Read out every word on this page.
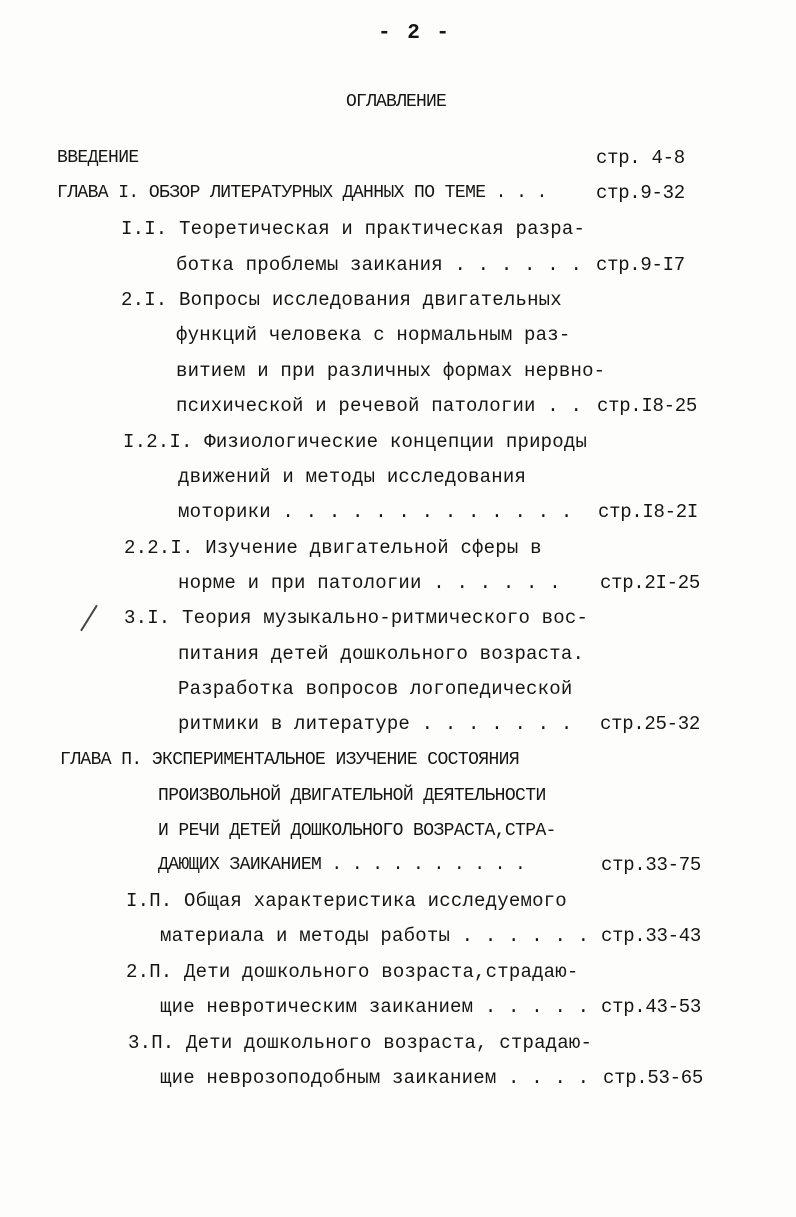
- 2 -
ОГЛАВЛЕНИЕ
ВВЕДЕНИЕ	стр. 4-8
ГЛАВА I. ОБЗОР ЛИТЕРАТУРНЫХ ДАННЫХ ПО ТЕМЕ . . .	стр.9-32
I.I. Теоретическая и практическая разра-
ботка проблемы заикания . . . . . . стр.9-I7
2.I. Вопросы исследования двигательных
функций человека с нормальным раз-
витием и при различных формах нервно-
психической и речевой патологии . . стр.I8-25
I.2.I. Физиологические концепции природы
движений и методы исследования
моторики . . . . . . . . . . . . . стр.I8-2I
2.2.I. Изучение двигательной сферы в
норме и при патологии . . . . . . стр.2I-25
3.I. Теория музыкально-ритмического вос-
питания детей дошкольного возраста.
Разработка вопросов логопедической
ритмики в литературе . . . . . . . стр.25-32
ГЛАВА П. ЭКСПЕРИМЕНТАЛЬНОЕ ИЗУЧЕНИЕ СОСТОЯНИЯ
ПРОИЗВОЛЬНОЙ ДВИГАТЕЛЬНОЙ ДЕЯТЕЛЬНОСТИ
И РЕЧИ ДЕТЕЙ ДОШКОЛЬНОГО ВОЗРАСТА,СТРА-
ДАЮЩИХ ЗАИКАНИЕМ . . . . . . . . . .	стр.33-75
I.П. Общая характеристика исследуемого
материала и методы работы . . . . . . стр.33-43
2.П. Дети дошкольного возраста,страдаю-
щие невротическим заиканием . . . . . стр.43-53
3.П. Дети дошкольного возраста, страдаю-
щие неврозоподобным заиканием . . . . стр.53-65
